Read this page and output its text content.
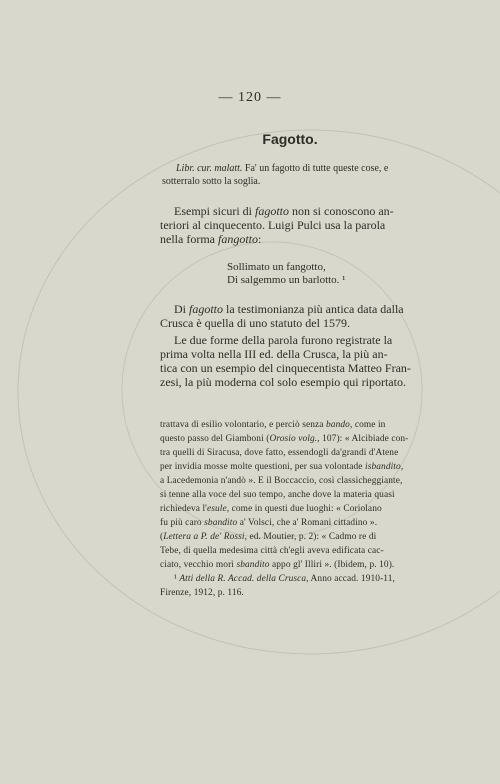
— 120 —
Fagotto.
Libr. cur. malatt. Fa' un fagotto di tutte queste cose, e
sotterralo sotto la soglia.
Esempi sicuri di fagotto non si conoscono an-
teriori al cinquecento. Luigi Pulci usa la parola
nella forma fangotto:
Sollimato un fangotto,
Di salgemmo un barlotto. ¹
Di fagotto la testimonianza più antica data dalla
Crusca è quella di uno statuto del 1579.
Le due forme della parola furono registrate la
prima volta nella III ed. della Crusca, la più an-
tica con un esempio del cinquecentista Matteo Fran-
zesi, la più moderna col solo esempio qui riportato.
trattava di esilio volontario, e perciò senza bando, come in
questo passo del Giamboni (Orosio volg., 107): « Alcibiade con-
tra quelli di Siracusa, dove fatto, essendogli da'grandi d'Atene
per invidia mosse molte questioni, per sua volontade isbandito,
a Lacedemonia n'andò ». E il Boccaccio, così classicheggiante,
si tenne alla voce del suo tempo, anche dove la materia quasi
richiedeva l'esule, come in questi due luoghi: « Coriolano
fu più caro sbandito a' Volsci, che a' Romani cittadino ».
(Lettera a P. de' Rossi, ed. Moutier, p. 2): « Cadmo re di
Tebe, di quella medesima città ch'egli aveva edificata cac-
ciato, vecchio morì sbandito appo gl' Illiri ». (Ibidem, p. 10).
¹ Atti della R. Accad. della Crusca, Anno accad. 1910-11,
Firenze, 1912, p. 116.
